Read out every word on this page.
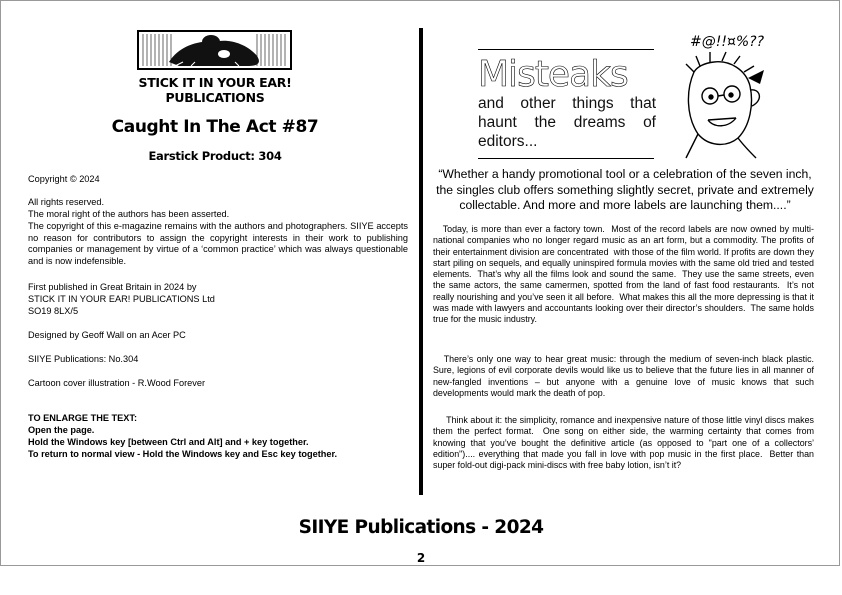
STICK IT IN YOUR EAR!
PUBLICATIONS
Caught In The Act #87
Earstick Product: 304
Copyright © 2024
All rights reserved.
The moral right of the authors has been asserted.
The copyright of this e-magazine remains with the authors and photographers. SIIYE accepts no reason for contributors to assign the copyright interests in their work to publishing companies or management by virtue of a ‘common practice’ which was always questionable and is now indefensible.
First published in Great Britain in 2024 by
STICK IT IN YOUR EAR! PUBLICATIONS Ltd
SO19 8LX/5
Designed by Geoff Wall on an Acer PC
SIIYE Publications: No.304
Cartoon cover illustration - R.Wood Forever
TO ENLARGE THE TEXT:
Open the page.
Hold the Windows key [between Ctrl and Alt] and + key together.
To return to normal view - Hold the Windows key and Esc key together.
Misteaks
and other things that haunt the dreams of editors...
#@!!¤%??
“Whether a handy promotional tool or a celebration of the seven inch, the singles club offers something slightly secret, private and extremely collectable. And more and more labels are launching them....”
Today, is more than ever a factory town.  Most of the record labels are now owned by multi-national companies who no longer regard music as an art form, but a commodity. The profits of their entertainment division are concentrated  with those of the film world. If profits are down they start piling on sequels, and equally uninspired formula movies with the same old tried and tested elements.  That’s why all the films look and sound the same.  They use the same streets, even the same actors, the same camermen, spotted from the land of fast food restaurants.  It’s not really nourishing and you’ve seen it all before.  What makes this all the more depressing is that it was made with lawyers and accountants looking over their director’s shoulders.  The same holds true for the music industry.
There’s only one way to hear great music: through the medium of seven-inch black plastic.  Sure, legions of evil corporate devils would like us to believe that the future lies in all manner of new-fangled inventions – but anyone with a genuine love of music knows that such developments would mark the death of pop.
Think about it: the simplicity, romance and inexpensive nature of those little vinyl discs makes them the perfect format.  One song on either side, the warming certainty that comes from knowing that you’ve bought the definitive article (as opposed to "part one of a collectors’ edition").... everything that made you fall in love with pop music in the first place.  Better than super fold-out digi-pack mini-discs with free baby lotion, isn’t it?
SIIYE Publications - 2024
2
